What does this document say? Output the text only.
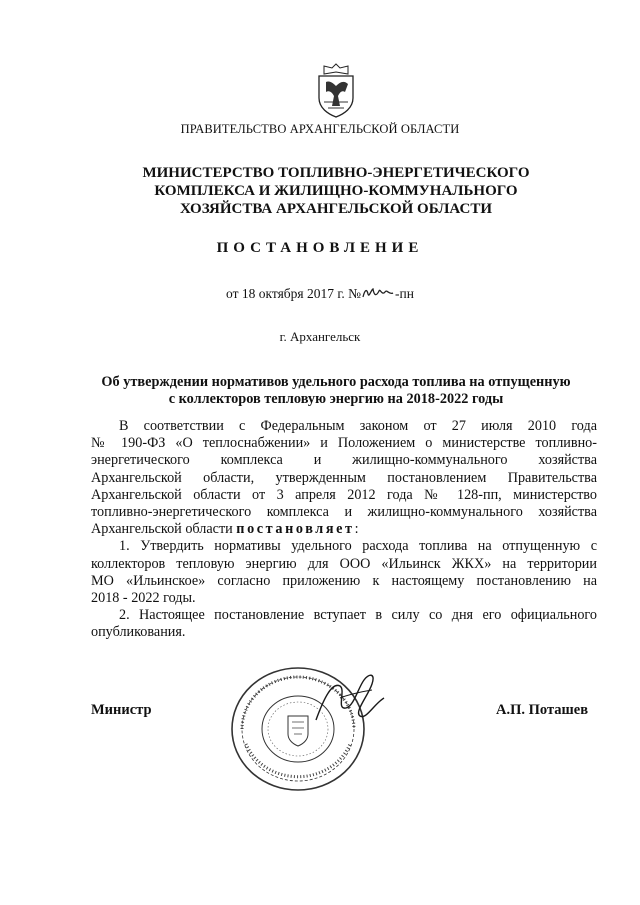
ПРАВИТЕЛЬСТВО АРХАНГЕЛЬСКОЙ ОБЛАСТИ
МИНИСТЕРСТВО ТОПЛИВНО-ЭНЕРГЕТИЧЕСКОГО
КОМПЛЕКСА И ЖИЛИЩНО-КОММУНАЛЬНОГО
ХОЗЯЙСТВА АРХАНГЕЛЬСКОЙ ОБЛАСТИ
ПОСТАНОВЛЕНИЕ
от 18 октября 2017 г. №	-пн
г. Архангельск
Об утверждении нормативов удельного расхода топлива на отпущенную
с коллекторов тепловую энергию на 2018-2022 годы
В соответствии с Федеральным законом от 27 июля 2010 года
№ 190-ФЗ «О теплоснабжении» и Положением о министерстве топливно-
энергетического комплекса и жилищно-коммунального хозяйства
Архангельской области, утвержденным постановлением Правительства
Архангельской области от 3 апреля 2012 года № 128-пп, министерство
топливно-энергетического комплекса и жилищно-коммунального хозяйства
Архангельской области постановляет:
1. Утвердить нормативы удельного расхода топлива на отпущенную с
коллекторов тепловую энергию для ООО «Ильинск ЖКХ» на территории
МО «Ильинское» согласно приложению к настоящему постановлению на
2018 - 2022 годы.
2. Настоящее постановление вступает в силу со дня его официального
опубликования.
Министр	А.П. Поташев
